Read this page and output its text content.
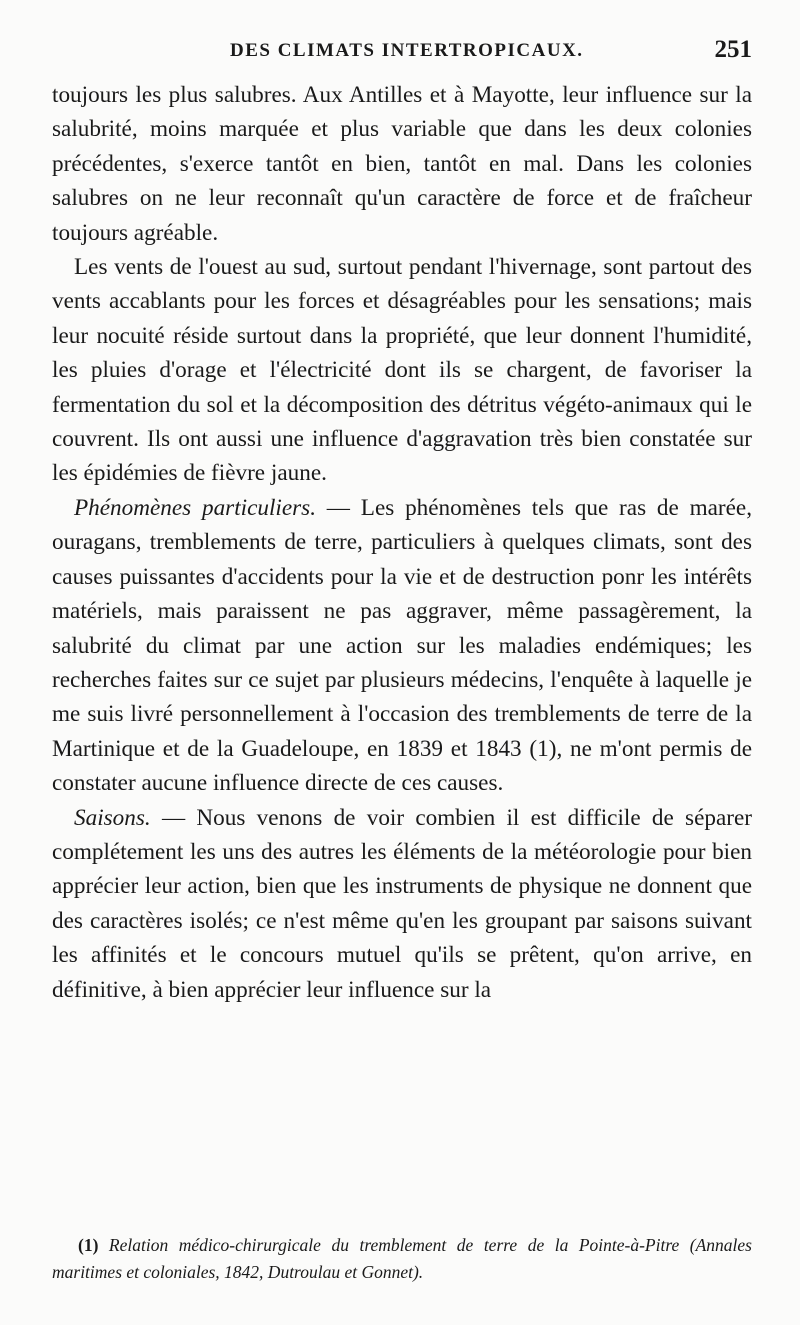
DES CLIMATS INTERTROPICAUX.	251

toujours les plus salubres. Aux Antilles et à Mayotte, leur influence sur la salubrité, moins marquée et plus variable que dans les deux colonies précédentes, s'exerce tantôt en bien, tantôt en mal. Dans les colonies salubres on ne leur reconnaît qu'un caractère de force et de fraîcheur toujours agréable.

Les vents de l'ouest au sud, surtout pendant l'hivernage, sont partout des vents accablants pour les forces et désagréables pour les sensations; mais leur nocuité réside surtout dans la propriété, que leur donnent l'humidité, les pluies d'orage et l'électricité dont ils se chargent, de favoriser la fermentation du sol et la décomposition des détritus végéto-animaux qui le couvrent. Ils ont aussi une influence d'aggravation très bien constatée sur les épidémies de fièvre jaune.

Phénomènes particuliers. — Les phénomènes tels que ras de marée, ouragans, tremblements de terre, particuliers à quelques climats, sont des causes puissantes d'accidents pour la vie et de destruction ponr les intérêts matériels, mais paraissent ne pas aggraver, même passagèrement, la salubrité du climat par une action sur les maladies endémiques; les recherches faites sur ce sujet par plusieurs médecins, l'enquête à laquelle je me suis livré personnellement à l'occasion des tremblements de terre de la Martinique et de la Guadeloupe, en 1839 et 1843 (1), ne m'ont permis de constater aucune influence directe de ces causes.

Saisons. — Nous venons de voir combien il est difficile de séparer complétement les uns des autres les éléments de la météorologie pour bien apprécier leur action, bien que les instruments de physique ne donnent que des caractères isolés; ce n'est même qu'en les groupant par saisons suivant les affinités et le concours mutuel qu'ils se prêtent, qu'on arrive, en définitive, à bien apprécier leur influence sur la

(1) Relation médico-chirurgicale du tremblement de terre de la Pointe-à-Pitre (Annales maritimes et coloniales, 1842, Dutroulau et Gonnet).
